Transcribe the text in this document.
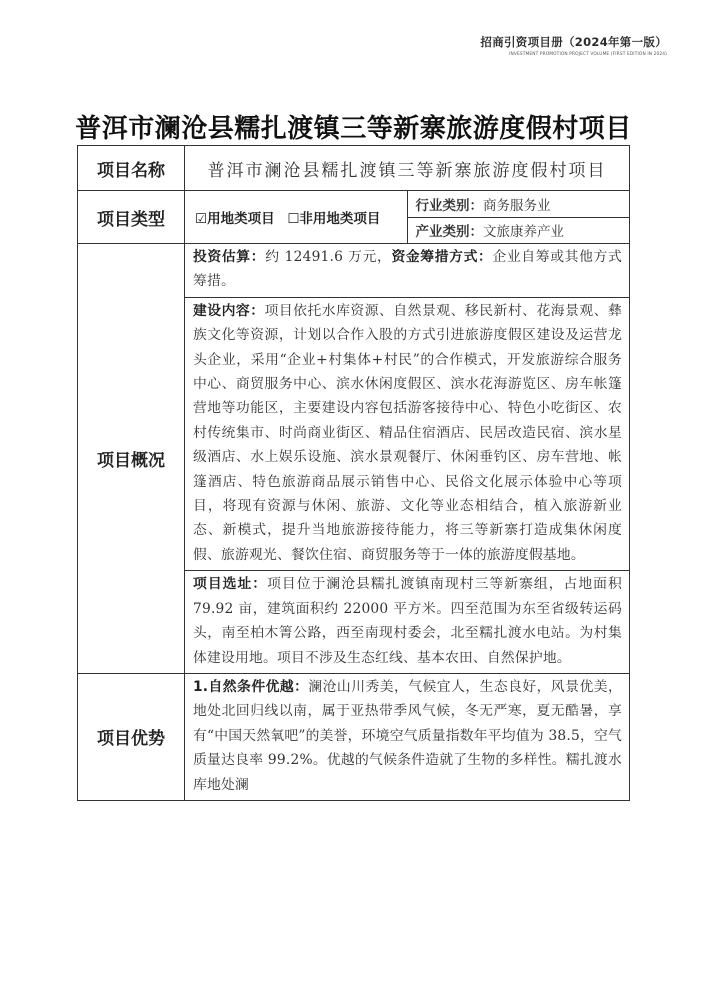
招商引资项目册（2024年第一版）
INVESTMENT PROMOTION PROJECT VOLUME (FIRST EDITION IN 2024)
普洱市澜沧县糯扎渡镇三等新寨旅游度假村项目
项目名称	普洱市澜沧县糯扎渡镇三等新寨旅游度假村项目	
项目类型	☑用地类项目 ☐非用地类项目	行业类别：商务服务业
		产业类别：文旅康养产业
项目概况	投资估算：约 12491.6 万元，资金筹措方式：企业自筹或其他方式筹措。	
	建设内容：项目依托水库资源、自然景观、移民新村、花海景观、彝族文化等资源，计划以合作入股的方式引进旅游度假区建设及运营龙头企业，采用“企业+村集体+村民”的合作模式，开发旅游综合服务中心、商贸服务中心、滨水休闲度假区、滨水花海游览区、房车帐篷营地等功能区，主要建设内容包括游客接待中心、特色小吃街区、农村传统集市、时尚商业街区、精品住宿酒店、民居改造民宿、滨水星级酒店、水上娱乐设施、滨水景观餐厅、休闲垂钓区、房车营地、帐篷酒店、特色旅游商品展示销售中心、民俗文化展示体验中心等项目，将现有资源与休闲、旅游、文化等业态相结合，植入旅游新业态、新模式，提升当地旅游接待能力，将三等新寨打造成集休闲度假、旅游观光、餐饮住宿、商贸服务等于一体的旅游度假基地。	
	项目选址：项目位于澜沧县糯扎渡镇南现村三等新寨组，占地面积 79.92 亩，建筑面积约 22000 平方米。四至范围为东至省级转运码头，南至柏木箐公路，西至南现村委会，北至糯扎渡水电站。为村集体建设用地。项目不涉及生态红线、基本农田、自然保护地。	
项目优势	1.自然条件优越：澜沧山川秀美，气候宜人，生态良好，风景优美，地处北回归线以南，属于亚热带季风气候，冬无严寒，夏无酷暑，享有“中国天然氧吧”的美誉，环境空气质量指数年平均值为 38.5，空气质量达良率 99.2%。优越的气候条件造就了生物的多样性。糯扎渡水库地处澜	
